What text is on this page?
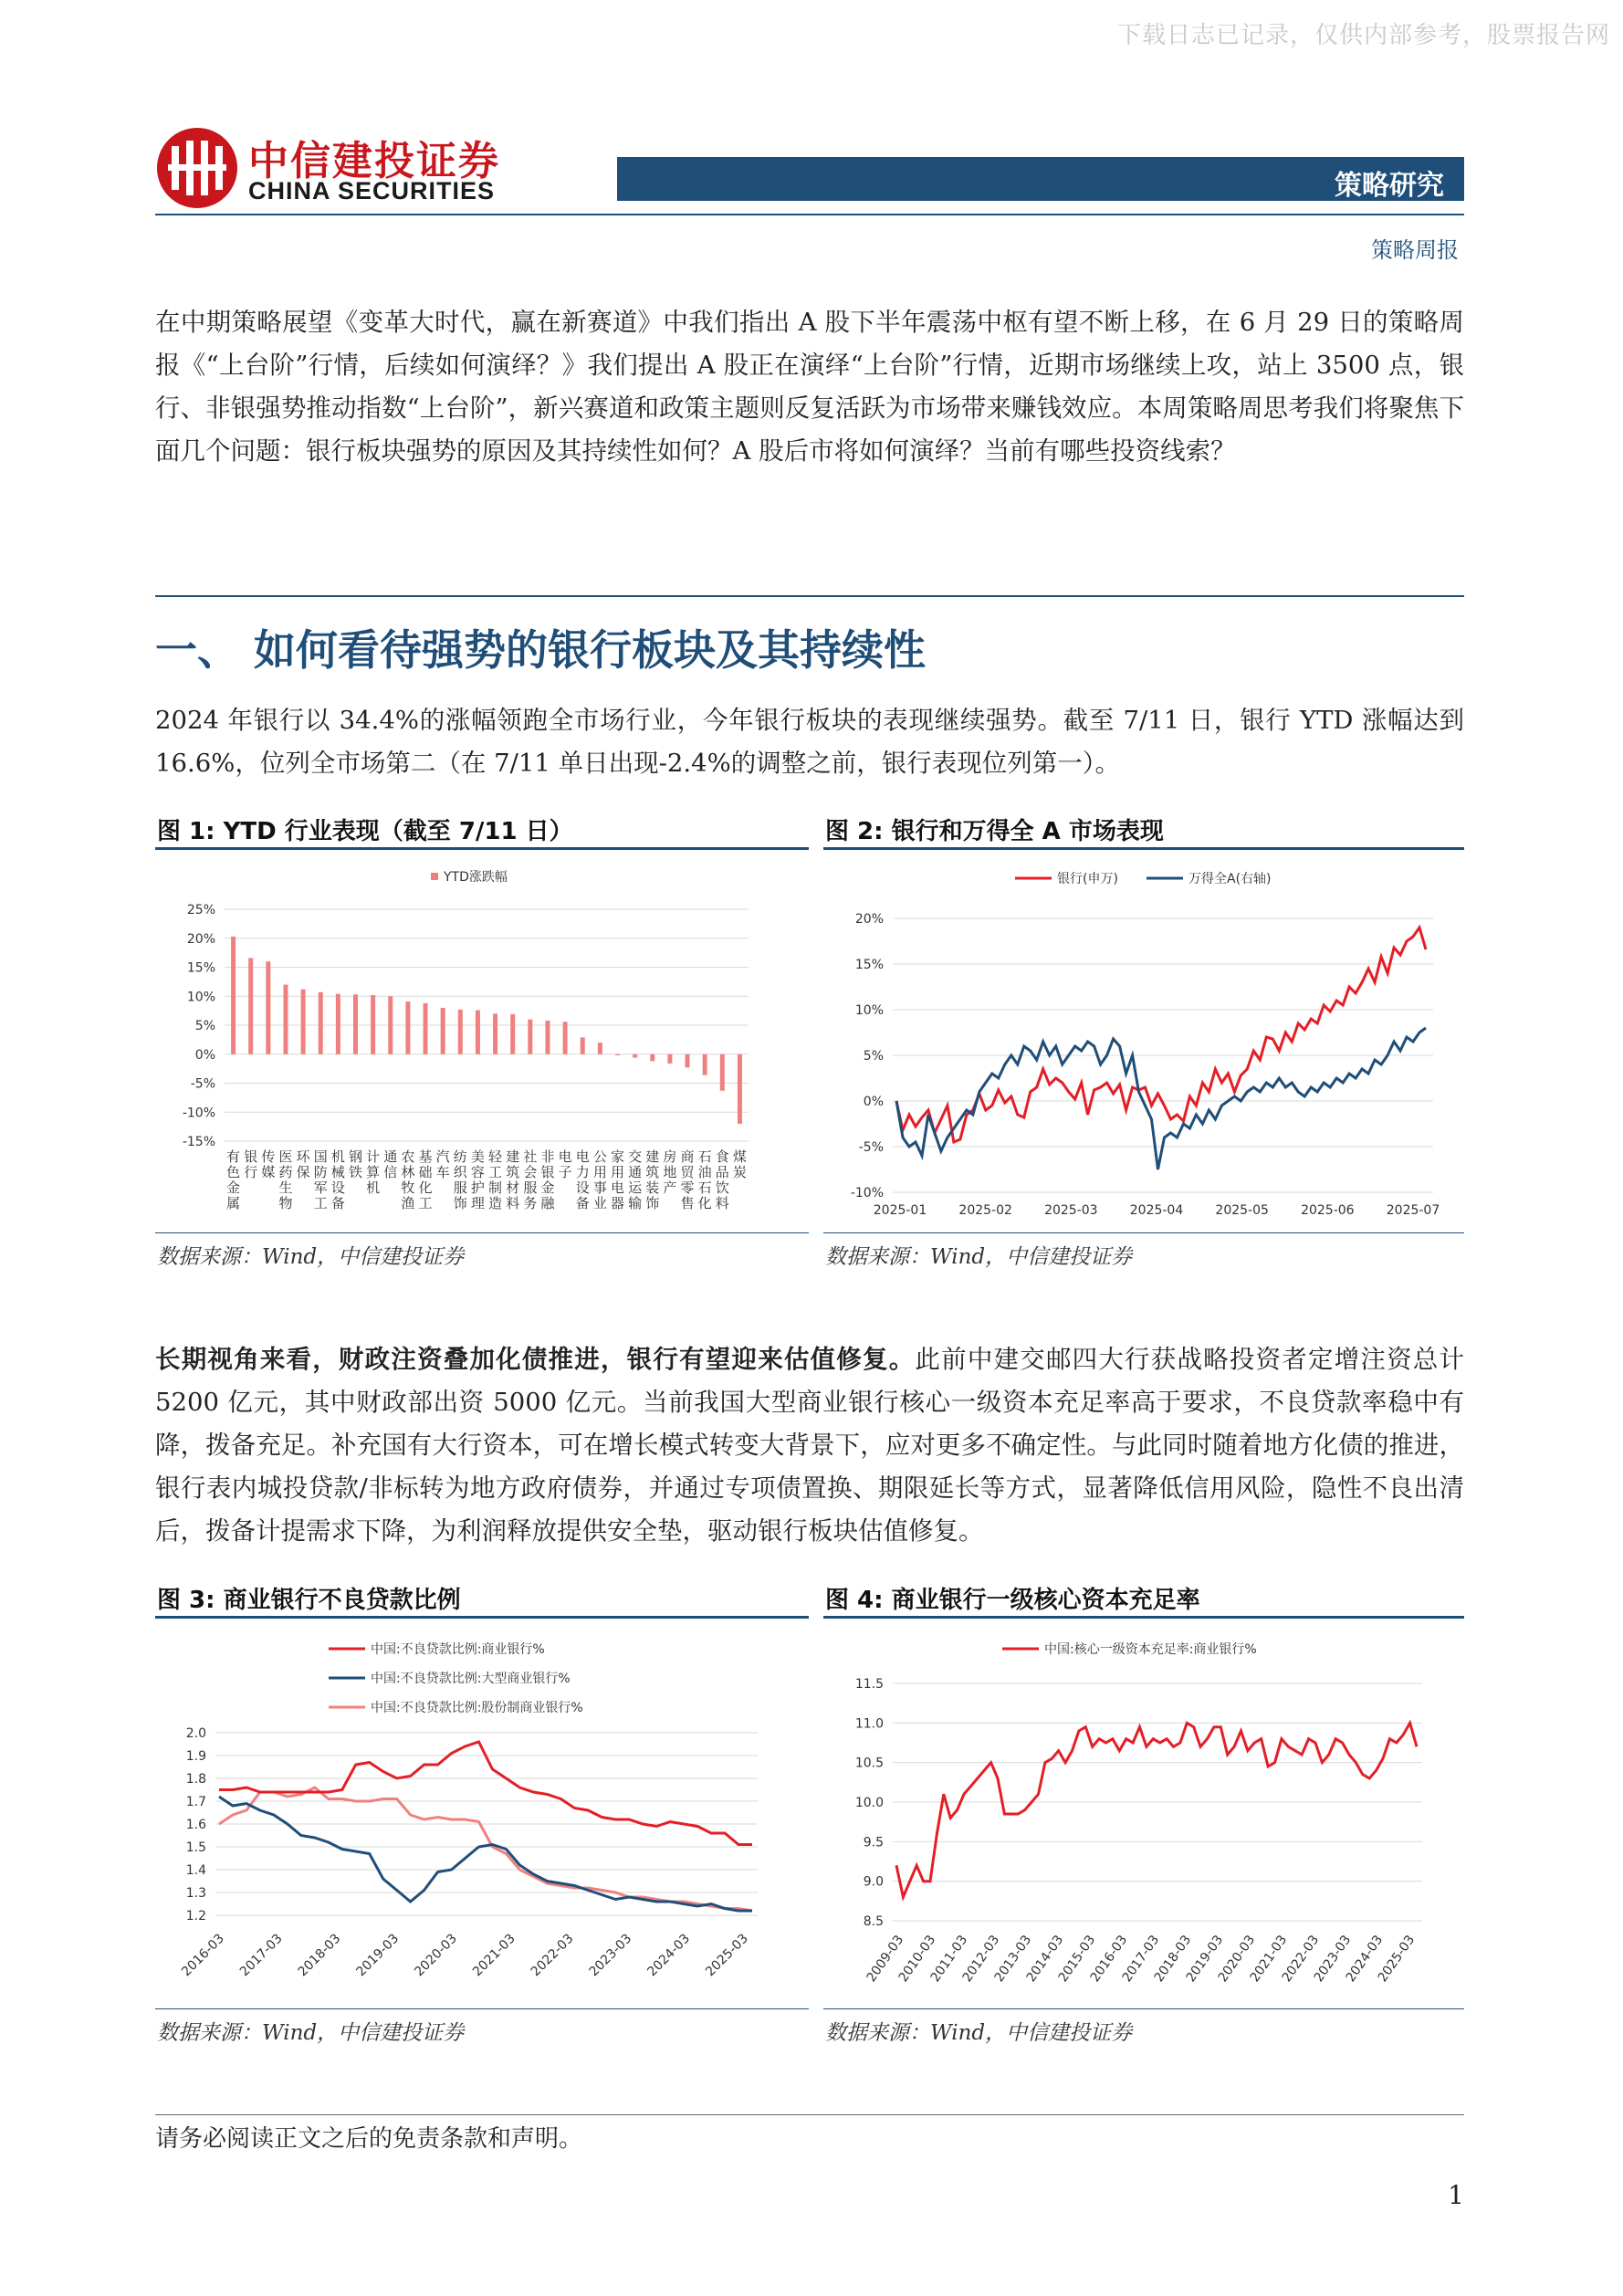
下载日志已记录，仅供内部参考，股票报告网
中信建投证券
CHINA SECURITIES	策略研究
策略周报
在中期策略展望《变革大时代，赢在新赛道》中我们指出 A 股下半年震荡中枢有望不断上移，在 6 月 29 日的策略周报《“上台阶”行情，后续如何演绎？》我们提出 A 股正在演绎“上台阶”行情，近期市场继续上攻，站上 3500 点，银行、非银强势推动指数“上台阶”，新兴赛道和政策主题则反复活跃为市场带来赚钱效应。本周策略周思考我们将聚焦下面几个问题：银行板块强势的原因及其持续性如何？A 股后市将如何演绎？当前有哪些投资线索？
一、 如何看待强势的银行板块及其持续性
2024 年银行以 34.4%的涨幅领跑全市场行业，今年银行板块的表现继续强势。截至 7/11 日，银行 YTD 涨幅达到 16.6%，位列全市场第二（在 7/11 单日出现-2.4%的调整之前，银行表现位列第一）。
图 1: YTD 行业表现（截至 7/11 日）	图 2: 银行和万得全 A 市场表现
YTD涨跌幅
25%
20%
15%
10%
5%
0%
-5%
-10%
-15%
有
色
金
属
银
行
传
媒
医
药
生
物
环
保
国
防
军
工
机
械
设
备
钢
铁
计
算
机
通
信
农
林
牧
渔
基
础
化
工
汽
车
纺
织
服
饰
美
容
护
理
轻
工
制
造
建
筑
材
料
社
会
服
务
非
银
金
融
电
子
电
力
设
备
公
用
事
业
家
用
电
器
交
通
运
输
建
筑
装
饰
房
地
产
商
贸
零
售
石
油
石
化
食
品
饮
料
煤
炭
数据来源：Wind，中信建投证券
银行(申万)	万得全A(右轴)
20%
15%
10%
5%
0%
-5%
-10%
2025-01	2025-02	2025-03	2025-04	2025-05	2025-06	2025-07
数据来源：Wind，中信建投证券
长期视角来看，财政注资叠加化债推进，银行有望迎来估值修复。此前中建交邮四大行获战略投资者定增注资总计 5200 亿元，其中财政部出资 5000 亿元。当前我国大型商业银行核心一级资本充足率高于要求，不良贷款率稳中有降，拨备充足。补充国有大行资本，可在增长模式转变大背景下，应对更多不确定性。与此同时随着地方化债的推进，银行表内城投贷款/非标转为地方政府债券，并通过专项债置换、期限延长等方式，显著降低信用风险，隐性不良出清后，拨备计提需求下降，为利润释放提供安全垫，驱动银行板块估值修复。
图 3: 商业银行不良贷款比例	图 4: 商业银行一级核心资本充足率
中国:不良贷款比例:商业银行%
中国:不良贷款比例:大型商业银行%
中国:不良贷款比例:股份制商业银行%
2.0
1.9
1.8
1.7
1.6
1.5
1.4
1.3
1.2
2016-03 2017-03 2018-03 2019-03 2020-03 2021-03 2022-03 2023-03 2024-03 2025-03
数据来源：Wind，中信建投证券
中国:核心一级资本充足率:商业银行%
11.5
11.0
10.5
10.0
9.5
9.0
8.5
2009-03
2010-03
2011-03
2012-03
2013-03
2014-03
2015-03
2016-03
2017-03
2018-03
2019-03
2020-03
2021-03
2022-03
2023-03
2024-03
2025-03
数据来源：Wind，中信建投证券
请务必阅读正文之后的免责条款和声明。
1
